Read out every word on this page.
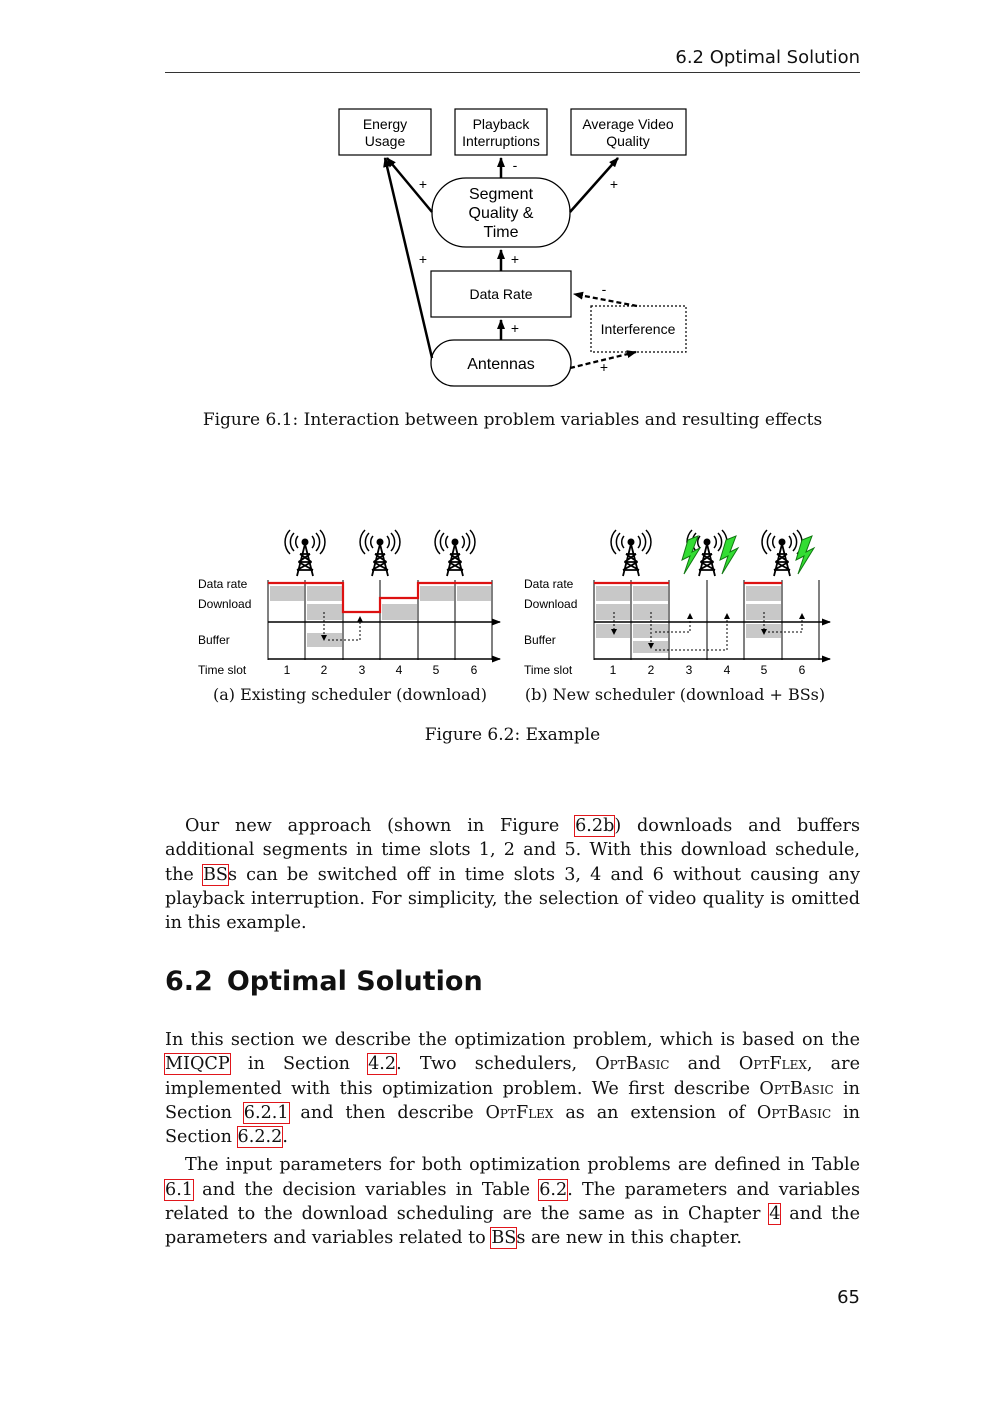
6.2 Optimal Solution
Energy
Usage
Playback
Interruptions
Average Video
Quality
Segment
Quality &
Time
Data Rate
Interference
Antennas
+
-
+
+	+
+
-
+
Figure 6.1: Interaction between problem variables and resulting effects
Data rate
Download
Buffer
Time slot	1	2	3	4	5	6
Data rate
Download
Buffer
Time slot	1	2	3	4	5	6
(a) Existing scheduler (download)	(b) New scheduler (download + BSs)
Figure 6.2: Example

Our new approach (shown in Figure 6.2b) downloads and buffers additional segments in time slots 1, 2 and 5. With this download schedule, the BSs can be switched off in time slots 3, 4 and 6 without causing any playback interruption. For simplicity, the selection of video quality is omitted in this example.

6.2 Optimal Solution

In this section we describe the optimization problem, which is based on the MIQCP in Section 4.2. Two schedulers, OptBasic and OptFlex, are implemented with this optimization problem. We first describe OptBasic in Section 6.2.1 and then describe OptFlex as an extension of OptBasic in Section 6.2.2.

The input parameters for both optimization problems are defined in Table 6.1 and the decision variables in Table 6.2. The parameters and variables related to the download scheduling are the same as in Chapter 4 and the parameters and variables related to BSs are new in this chapter.

65
